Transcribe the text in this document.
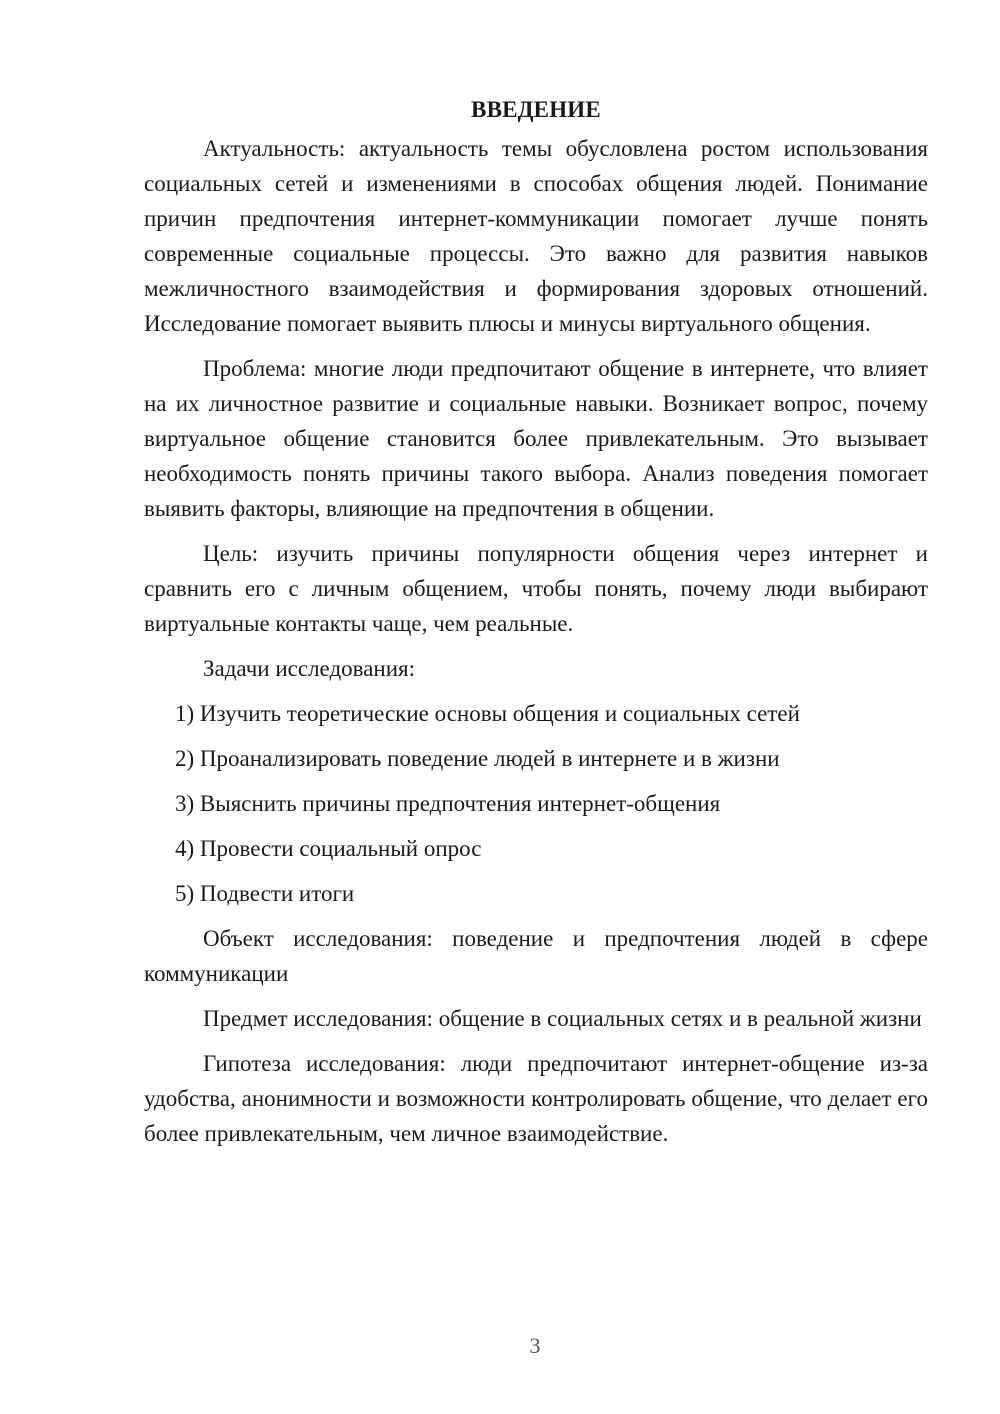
ВВЕДЕНИЕ

Актуальность: актуальность темы обусловлена ростом использования социальных сетей и изменениями в способах общения людей. Понимание причин предпочтения интернет-коммуникации помогает лучше понять современные социальные процессы. Это важно для развития навыков межличностного взаимодействия и формирования здоровых отношений. Исследование помогает выявить плюсы и минусы виртуального общения.

Проблема: многие люди предпочитают общение в интернете, что влияет на их личностное развитие и социальные навыки. Возникает вопрос, почему виртуальное общение становится более привлекательным. Это вызывает необходимость понять причины такого выбора. Анализ поведения помогает выявить факторы, влияющие на предпочтения в общении.

Цель: изучить причины популярности общения через интернет и сравнить его с личным общением, чтобы понять, почему люди выбирают виртуальные контакты чаще, чем реальные.

Задачи исследования:

1) Изучить теоретические основы общения и социальных сетей

2) Проанализировать поведение людей в интернете и в жизни

3) Выяснить причины предпочтения интернет-общения

4) Провести социальный опрос

5) Подвести итоги

Объект исследования: поведение и предпочтения людей в сфере коммуникации

Предмет исследования: общение в социальных сетях и в реальной жизни

Гипотеза исследования: люди предпочитают интернет-общение из-за удобства, анонимности и возможности контролировать общение, что делает его более привлекательным, чем личное взаимодействие.

3
